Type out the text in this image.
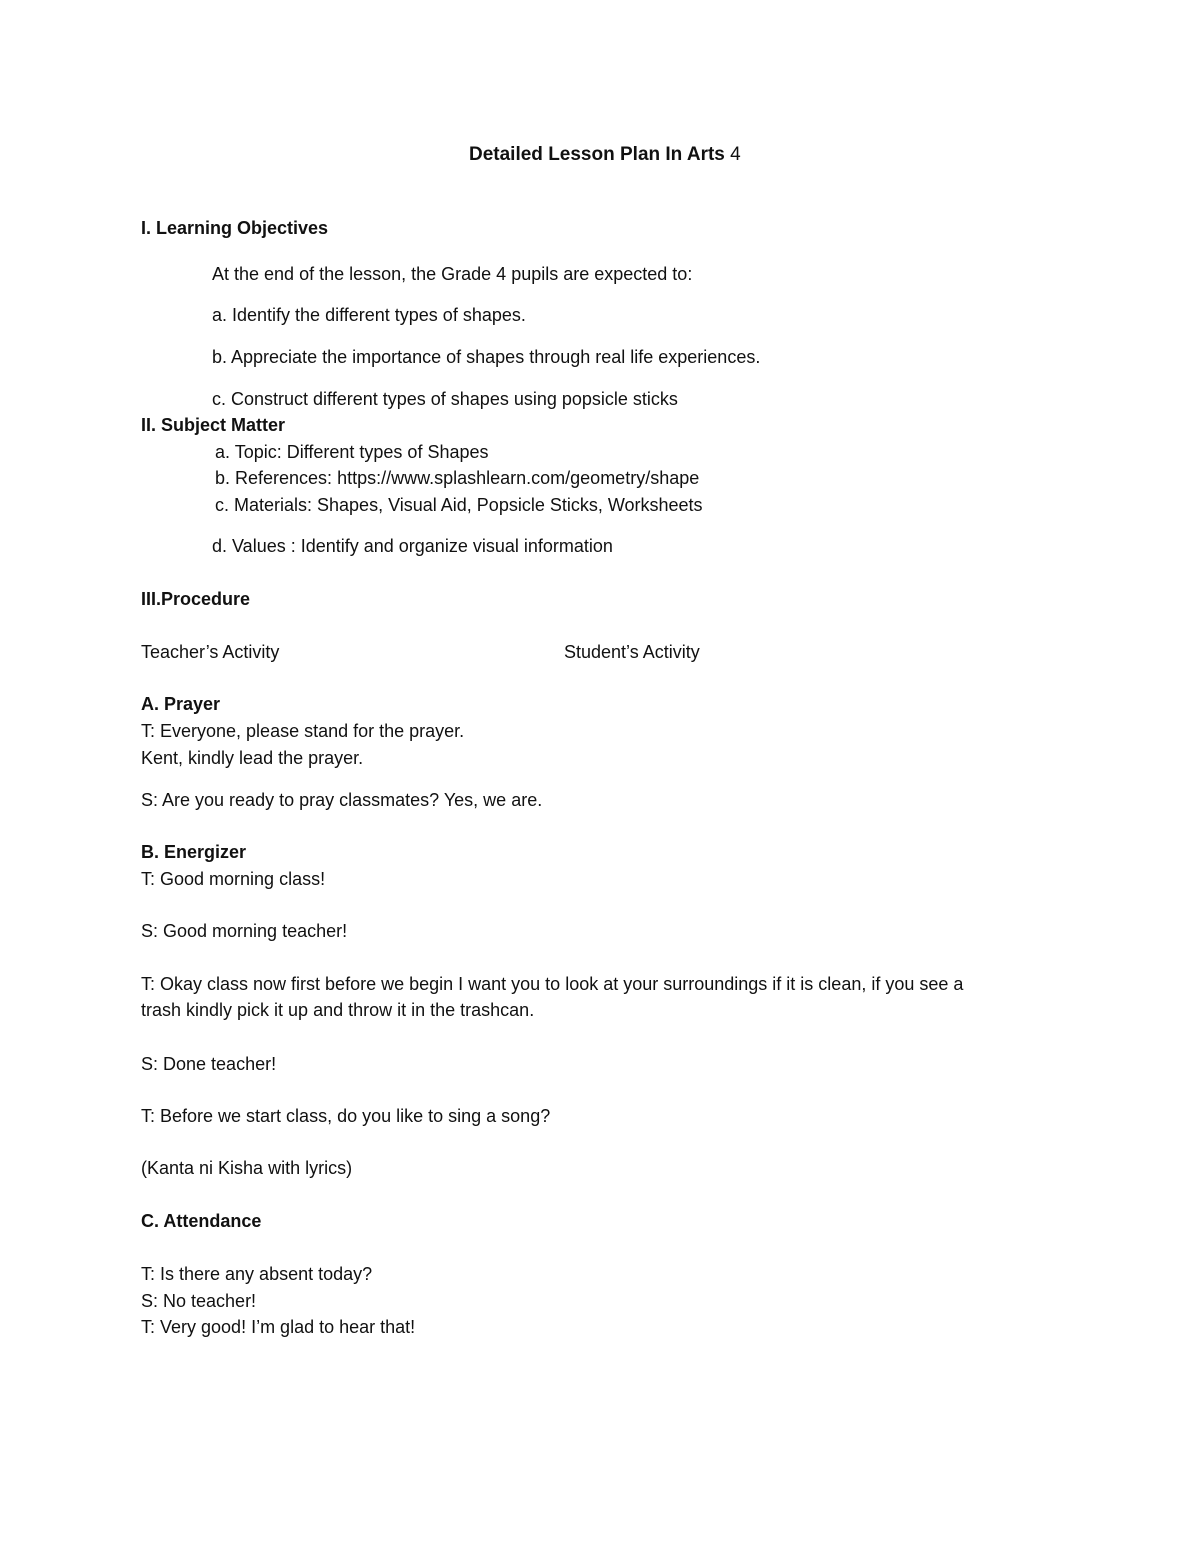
Detailed Lesson Plan In Arts 4

I. Learning Objectives

At the end of the lesson, the Grade 4 pupils are expected to:

a. Identify the different types of shapes.

b. Appreciate the importance of shapes through real life experiences.

c. Construct different types of shapes using popsicle sticks

II. Subject Matter

a. Topic: Different types of Shapes

b. References: https://www.splashlearn.com/geometry/shape

c. Materials: Shapes, Visual Aid, Popsicle Sticks, Worksheets

d. Values : Identify and organize visual information

III.Procedure

Teacher’s Activity	Student’s Activity

A. Prayer

T: Everyone, please stand for the prayer.

Kent, kindly lead the prayer.

S: Are you ready to pray classmates? Yes, we are.

B. Energizer

T: Good morning class!

S: Good morning teacher!

T: Okay class now first before we begin I want you to look at your surroundings if it is clean, if you see a

trash kindly pick it up and throw it in the trashcan.

S: Done teacher!

T: Before we start class, do you like to sing a song?

(Kanta ni Kisha with lyrics)

C. Attendance

T: Is there any absent today?

S: No teacher!

T: Very good! I’m glad to hear that!
